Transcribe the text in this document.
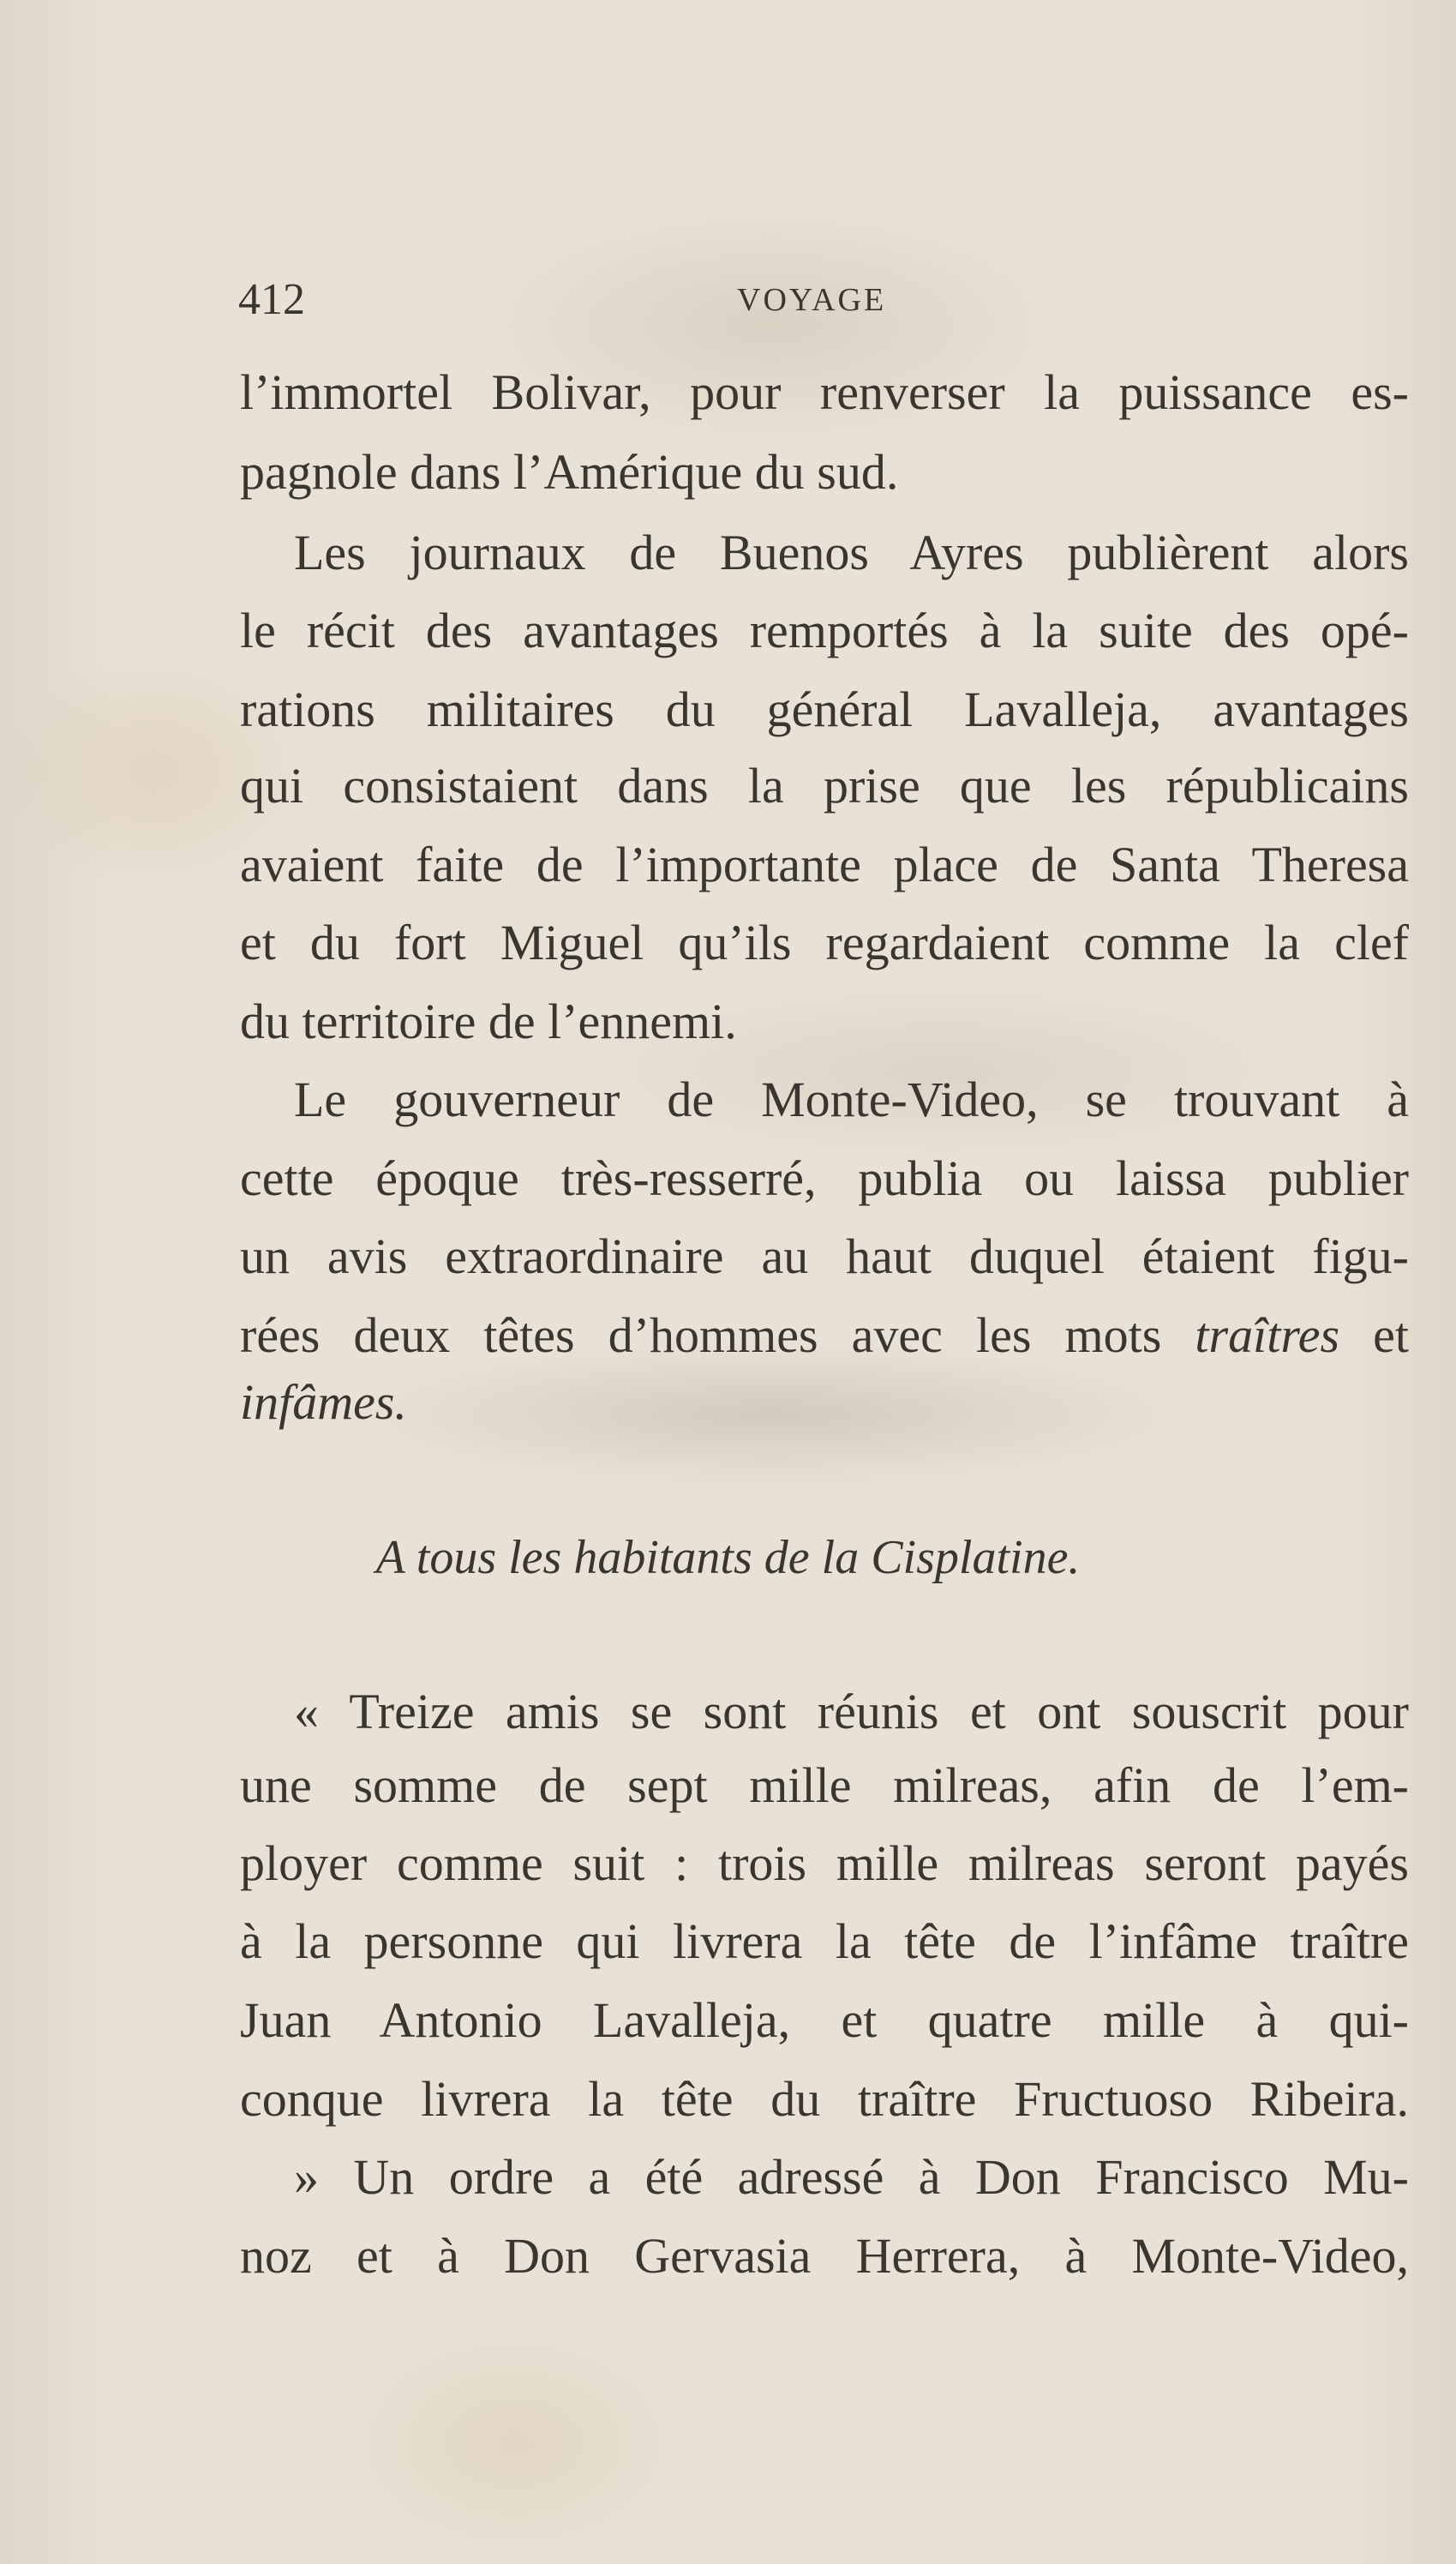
412	VOYAGE
l’immortel Bolivar, pour renverser la puissance es-
pagnole dans l’Amérique du sud.
Les journaux de Buenos Ayres publièrent alors
le récit des avantages remportés à la suite des opé-
rations militaires du général Lavalleja, avantages
qui consistaient dans la prise que les républicains
avaient faite de l’importante place de Santa Theresa
et du fort Miguel qu’ils regardaient comme la clef
du territoire de l’ennemi.
Le gouverneur de Monte-Video, se trouvant à
cette époque très-resserré, publia ou laissa publier
un avis extraordinaire au haut duquel étaient figu-
rées deux têtes d’hommes avec les mots traîtres et
infâmes.
A tous les habitants de la Cisplatine.
« Treize amis se sont réunis et ont souscrit pour
une somme de sept mille milreas, afin de l’em-
ployer comme suit : trois mille milreas seront payés
à la personne qui livrera la tête de l’infâme traître
Juan Antonio Lavalleja, et quatre mille à qui-
conque livrera la tête du traître Fructuoso Ribeira.
» Un ordre a été adressé à Don Francisco Mu-
noz et à Don Gervasia Herrera, à Monte-Video,
